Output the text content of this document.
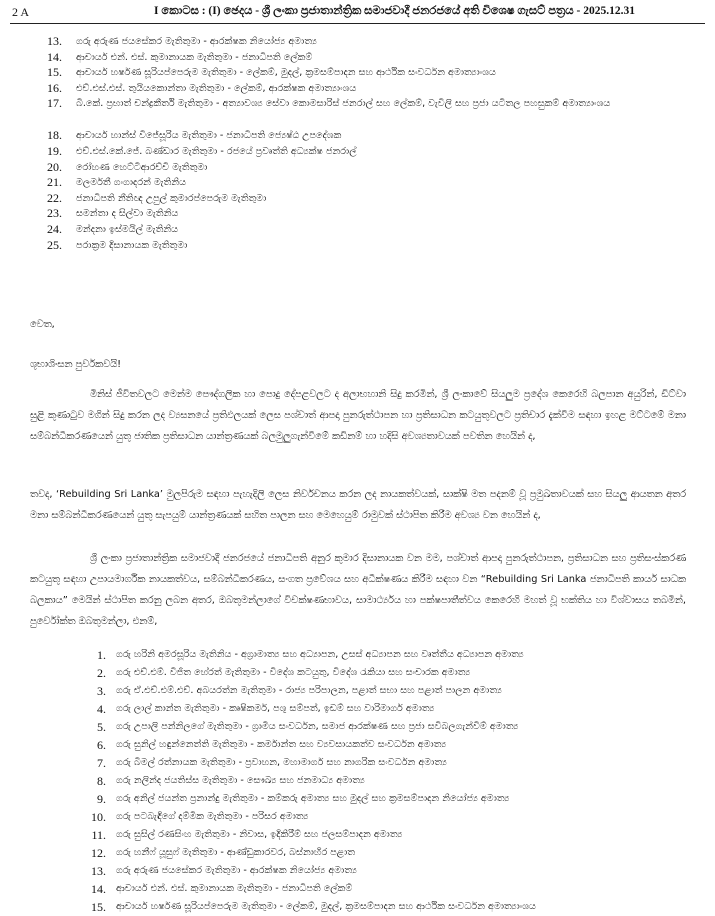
2 A	I කොටස : (I) ඡෙදය - ශ්‍රී ලංකා ප්‍රජාතාන්ත්‍රික සමාජවාදී ජනරජයේ අති විශෙෂ ගැසට් පත්‍රය - 2025.12.31
13. ගරු අරුණ ජයසේකර මැතිතුමා - ආරක්ෂක නියෝජ්‍ය අමාත්‍ය
14. ආචාර්ය එන්. එස්. කුමානායක මැතිතුමා - ජනාධිපති ලේකම්
15. ආචාර්ය හර්ෂණ සූරියප්පෙරුම මැතිතුමා - ලේකම්, මුදල්, ක්‍රමසම්පාදන සහ ආර්ථික සංවර්ධන අමාත්‍යාංශය
16. එච්.එස්.එස්. තුයියකොන්තා මැතිතුමා - ලේකම්, ආරක්ෂක අමාත්‍යාංශය
17. බී.කේ. ප්‍රභාත් චන්ද්‍රකීර්ති මැතිතුමා - අත්‍යාවශ්‍ය සේවා කොමසාරිස් ජනරාල් සහ ලේකම්, වැවිලි සහ ප්‍රජා යටිතල පහසුකම් අමාත්‍යාංශය
18. ආචාර්ය හාන්ස් විජේසූරිය මැතිතුමා - ජනාධිපති ජ්‍යෙෂ්ඨ උපදේශක
19. එච්.එස්.කේ.ජේ. බණ්ඩාර මැතිතුමා - රජයේ ප්‍රවෘත්ති අධ්‍යක්ෂ ජනරාල්
20. රෝහණ හෙට්ටිආරච්චි මැතිතුමා
21. මලර්මතී ගංගාදරන් මැතිනිය
22. ජනාධිපති නීතිඥ උපුල් කුමාරප්පෙරුම මැතිතුමා
23. සමන්තා ද සිල්වා මැතිනිය
24. මන්දනා ඉස්මයිල් මැතිනිය
25. පරාක්‍රම දිසානායක මැතිතුමා

වෙත,

ශුභාශිංසන පුර්වකවයි!

මිනිස් ජීවිතවලට මෙන්ම පෞද්ගලික හා පොදු දේපළවලට ද අලාභහානි සිදු කරමින්, ශ්‍රී ලංකාවේ සියලුම ප්‍රදේශ කෙරෙහි බලපාන අයුරින්, ඩිට්වා සුළි කුණාටුව මගින් සිදු කරන ලද ව්‍යසනයේ ප්‍රතිඵලයක් ලෙස පශ්චාත් ආපදා පුනරුත්ථාපන හා ප්‍රතිසාධන කටයුතුවලට ප්‍රතිචාර දැක්වීම සඳහා ඉහළ මට්ටමේ මනා සම්බන්ධීකරණයෙන් යුතු ජාතික ප්‍රතිසාධන යාන්ත්‍රණයක් බලමුලුගැන්වීමේ කඩිනම් හා හදිසි අවශ්‍යතාවයක් පවතින හෙයින් ද,

තවද, ‘Rebuilding Sri Lanka’ මුලපිරුම සඳහා පැහැදිලි ලෙස නිර්වචනය කරන ලද නායකත්වයක්, සාක්ෂි මත පදනම් වූ ප්‍රමුඛතාවයක් සහ සියලු ආයතන අතර මනා සම්බන්ධීකරණයෙන් යුතු සැපයුම් යාන්ත්‍රණයක් සහිත පාලන සහ මෙහෙයුම් රාමුවක් ස්ථාපිත කිරීම අවශ්‍ය වන හෙයින් ද,

ශ්‍රී ලංකා ප්‍රජාතාන්ත්‍රික සමාජවාදී ජනරජයේ ජනාධිපති අනුර කුමාර දිසානායක වන මම, පශ්චාත් ආපදා පුනරුත්ථාපන, ප්‍රතිසාධන සහ ප්‍රතිසංස්කරණ කටයුතු සඳහා උපායමාර්ගික නායකත්වය, සම්බන්ධීකරණය, සංගත ප්‍රවේශය සහ අධීක්ෂණය කිරීම සඳහා වන “Rebuilding Sri Lanka ජනාධිපති කාර්ය සාධක බලකාය” මෙයින් ස්ථාපිත කරනු ලබන අතර, ඔබතුමන්ලාගේ විචක්ෂණභාවය, සාමාර්ථ්‍යය හා පක්ෂපාතීත්වය කෙරෙහි මහත් වූ භක්තිය හා විශ්වාසය තබමින්, පුර්වෝක්ත ඔබතුමන්ලා, එනම්,

1. ගරු හරිනි අමරසූරිය මැතිනිය - අග්‍රාමාත්‍ය සහ අධ්‍යාපන, උසස් අධ්‍යාපන සහ වෘත්තීය අධ්‍යාපන අමාත්‍ය
2. ගරු එච්.එම්. විජිත හේරත් මැතිතුමා - විදේශ කටයුතු, විදේශ රැකියා සහ සංචාරක අමාත්‍ය
3. ගරු ඒ.එච්.එම්.එච්. අබයරත්න මැතිතුමා - රාජ්‍ය පරිපාලන, පළාත් සභා සහ පළාත් පාලන අමාත්‍ය
4. ගරු ලාල් කාන්ත මැතිතුමා - කෘෂිකර්ම, පශු සම්පත්, ඉඩම් සහ වාරිමාර්ග අමාත්‍ය
5. ගරු උපාලි පන්නිලගේ මැතිතුමා - ග්‍රාමීය සංවර්ධන, සමාජ ආරක්ෂණ සහ ප්‍රජා සවිබලගැන්වීම් අමාත්‍ය
6. ගරු සුනිල් හඳුන්නෙත්ති මැතිතුමා - කර්මාන්ත සහ ව්‍යවසායකත්ව සංවර්ධන අමාත්‍ය
7. ගරු බිමල් රත්නායක මැතිතුමා - ප්‍රවාහන, මහාමාර්ග සහ නාගරික සංවර්ධන අමාත්‍ය
8. ගරු නලින්ද ජයතිස්ස මැතිතුමා - සෞඛ්‍ය සහ ජනමාධ්‍ය අමාත්‍ය
9. ගරු අනිල් ජයන්ත ප්‍රනාන්දු මැතිතුමා - කම්කරු අමාත්‍ය සහ මුදල් සහ ක්‍රමසම්පාදන නියෝජ්‍ය අමාත්‍ය
10. ගරු පටබැඳිගේ දම්මික මැතිතුමා - පරිසර අමාත්‍ය
11. ගරු සුසිල් රණසිංහ මැතිතුමා - නිවාස, ඉදිකිරීම් සහ ජලසම්පාදන අමාත්‍ය
12. ගරු හනීෆ් යූසුෆ් මැතිතුමා - ආණ්ඩුකාරවර, බස්නාහිර පළාත
13. ගරු අරුණ ජයසේකර මැතිතුමා - ආරක්ෂක නියෝජ්‍ය අමාත්‍ය
14. ආචාර්ය එන්. එස්. කුමානායක මැතිතුමා - ජනාධිපති ලේකම්
15. ආචාර්ය හර්ෂණ සූරියප්පෙරුම මැතිතුමා - ලේකම්, මුදල්, ක්‍රමසම්පාදන සහ ආර්ථික සංවර්ධන අමාත්‍යාංශය
